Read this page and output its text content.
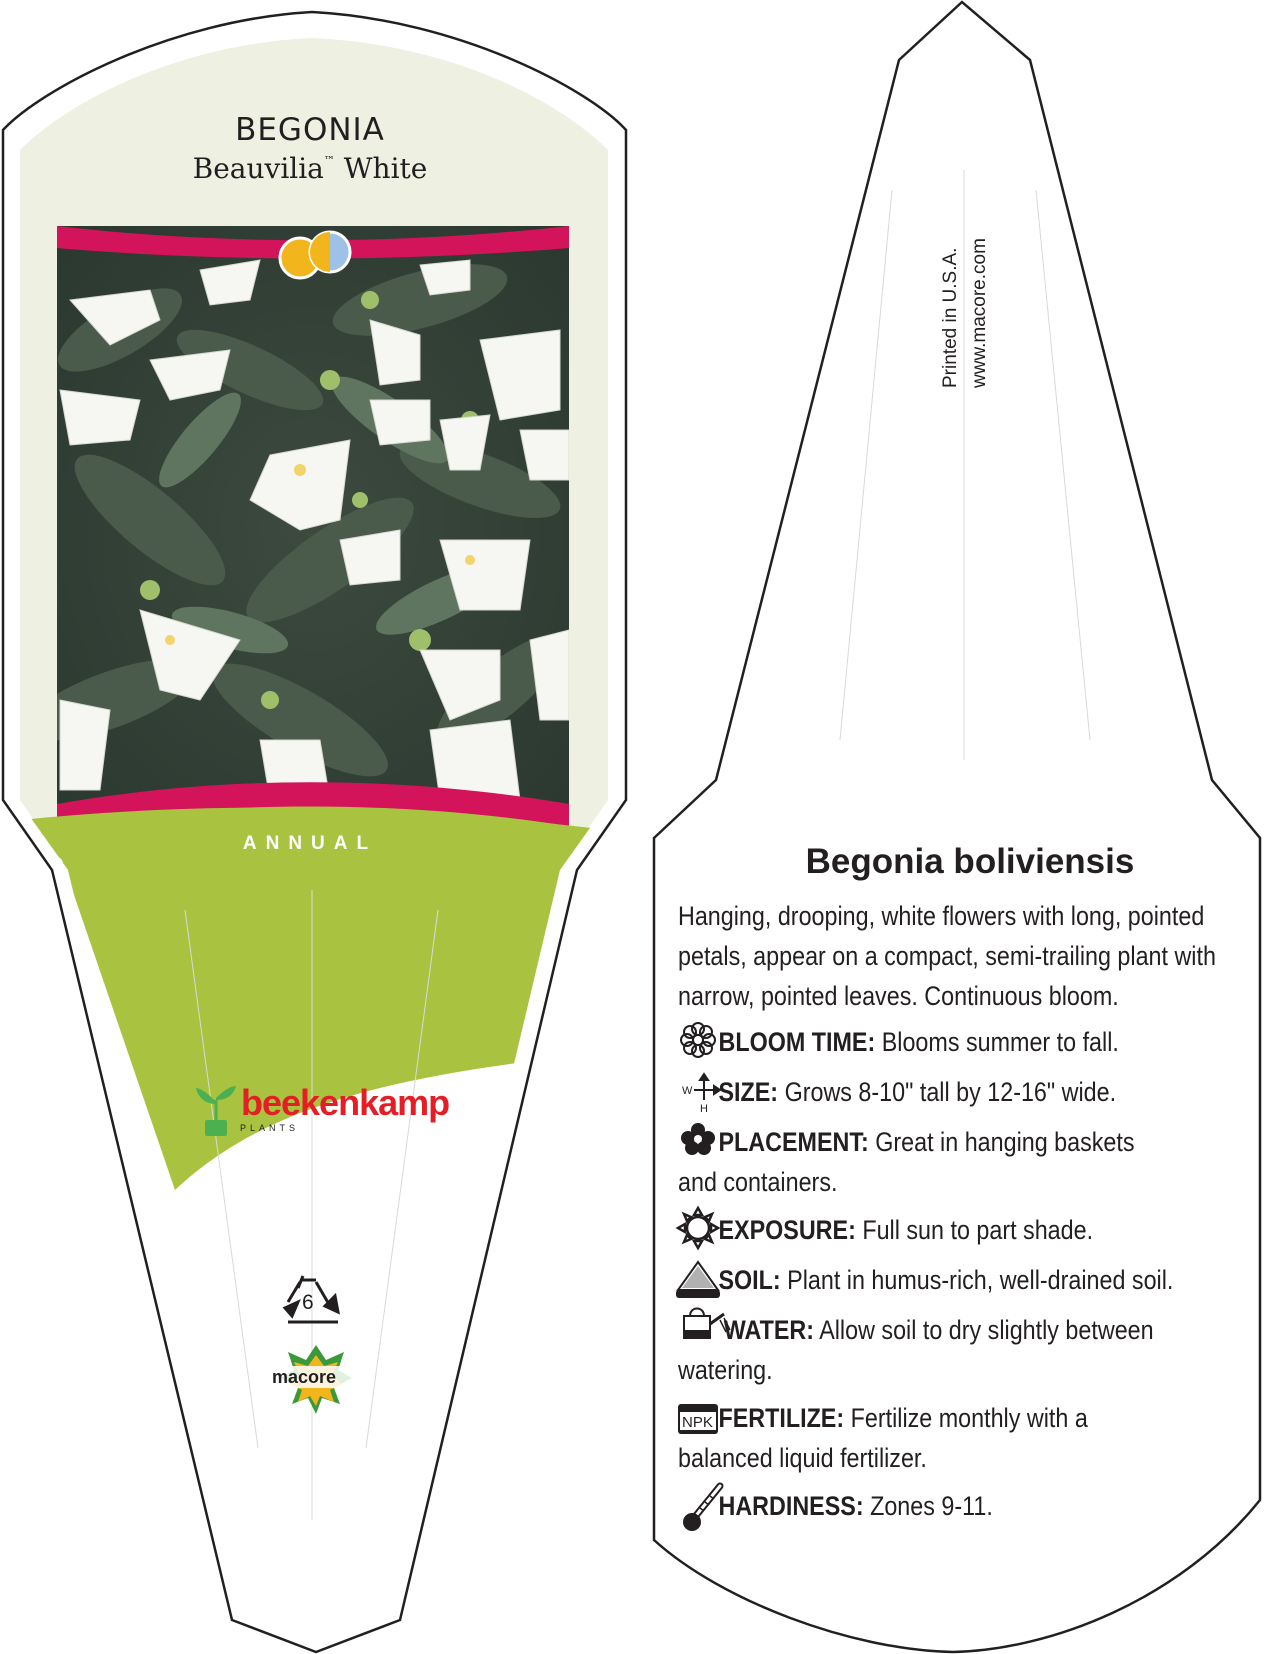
W
H
NPK
BEGONIA
Beauvilia™ White
ANNUAL
beekenkamp
PLANTS
6
macore
Printed in U.S.A. www.macore.com
Begonia boliviensis
Hanging, drooping, white flowers with long, pointed petals, appear on a compact, semi-trailing plant with narrow, pointed leaves. Continuous bloom.
BLOOM TIME: Blooms summer to fall.
SIZE: Grows 8-10" tall by 12-16" wide.
PLACEMENT: Great in hanging baskets and containers.
EXPOSURE: Full sun to part shade.
SOIL: Plant in humus-rich, well-drained soil.
WATER: Allow soil to dry slightly between watering.
FERTILIZE: Fertilize monthly with a balanced liquid fertilizer.
HARDINESS: Zones 9-11.
